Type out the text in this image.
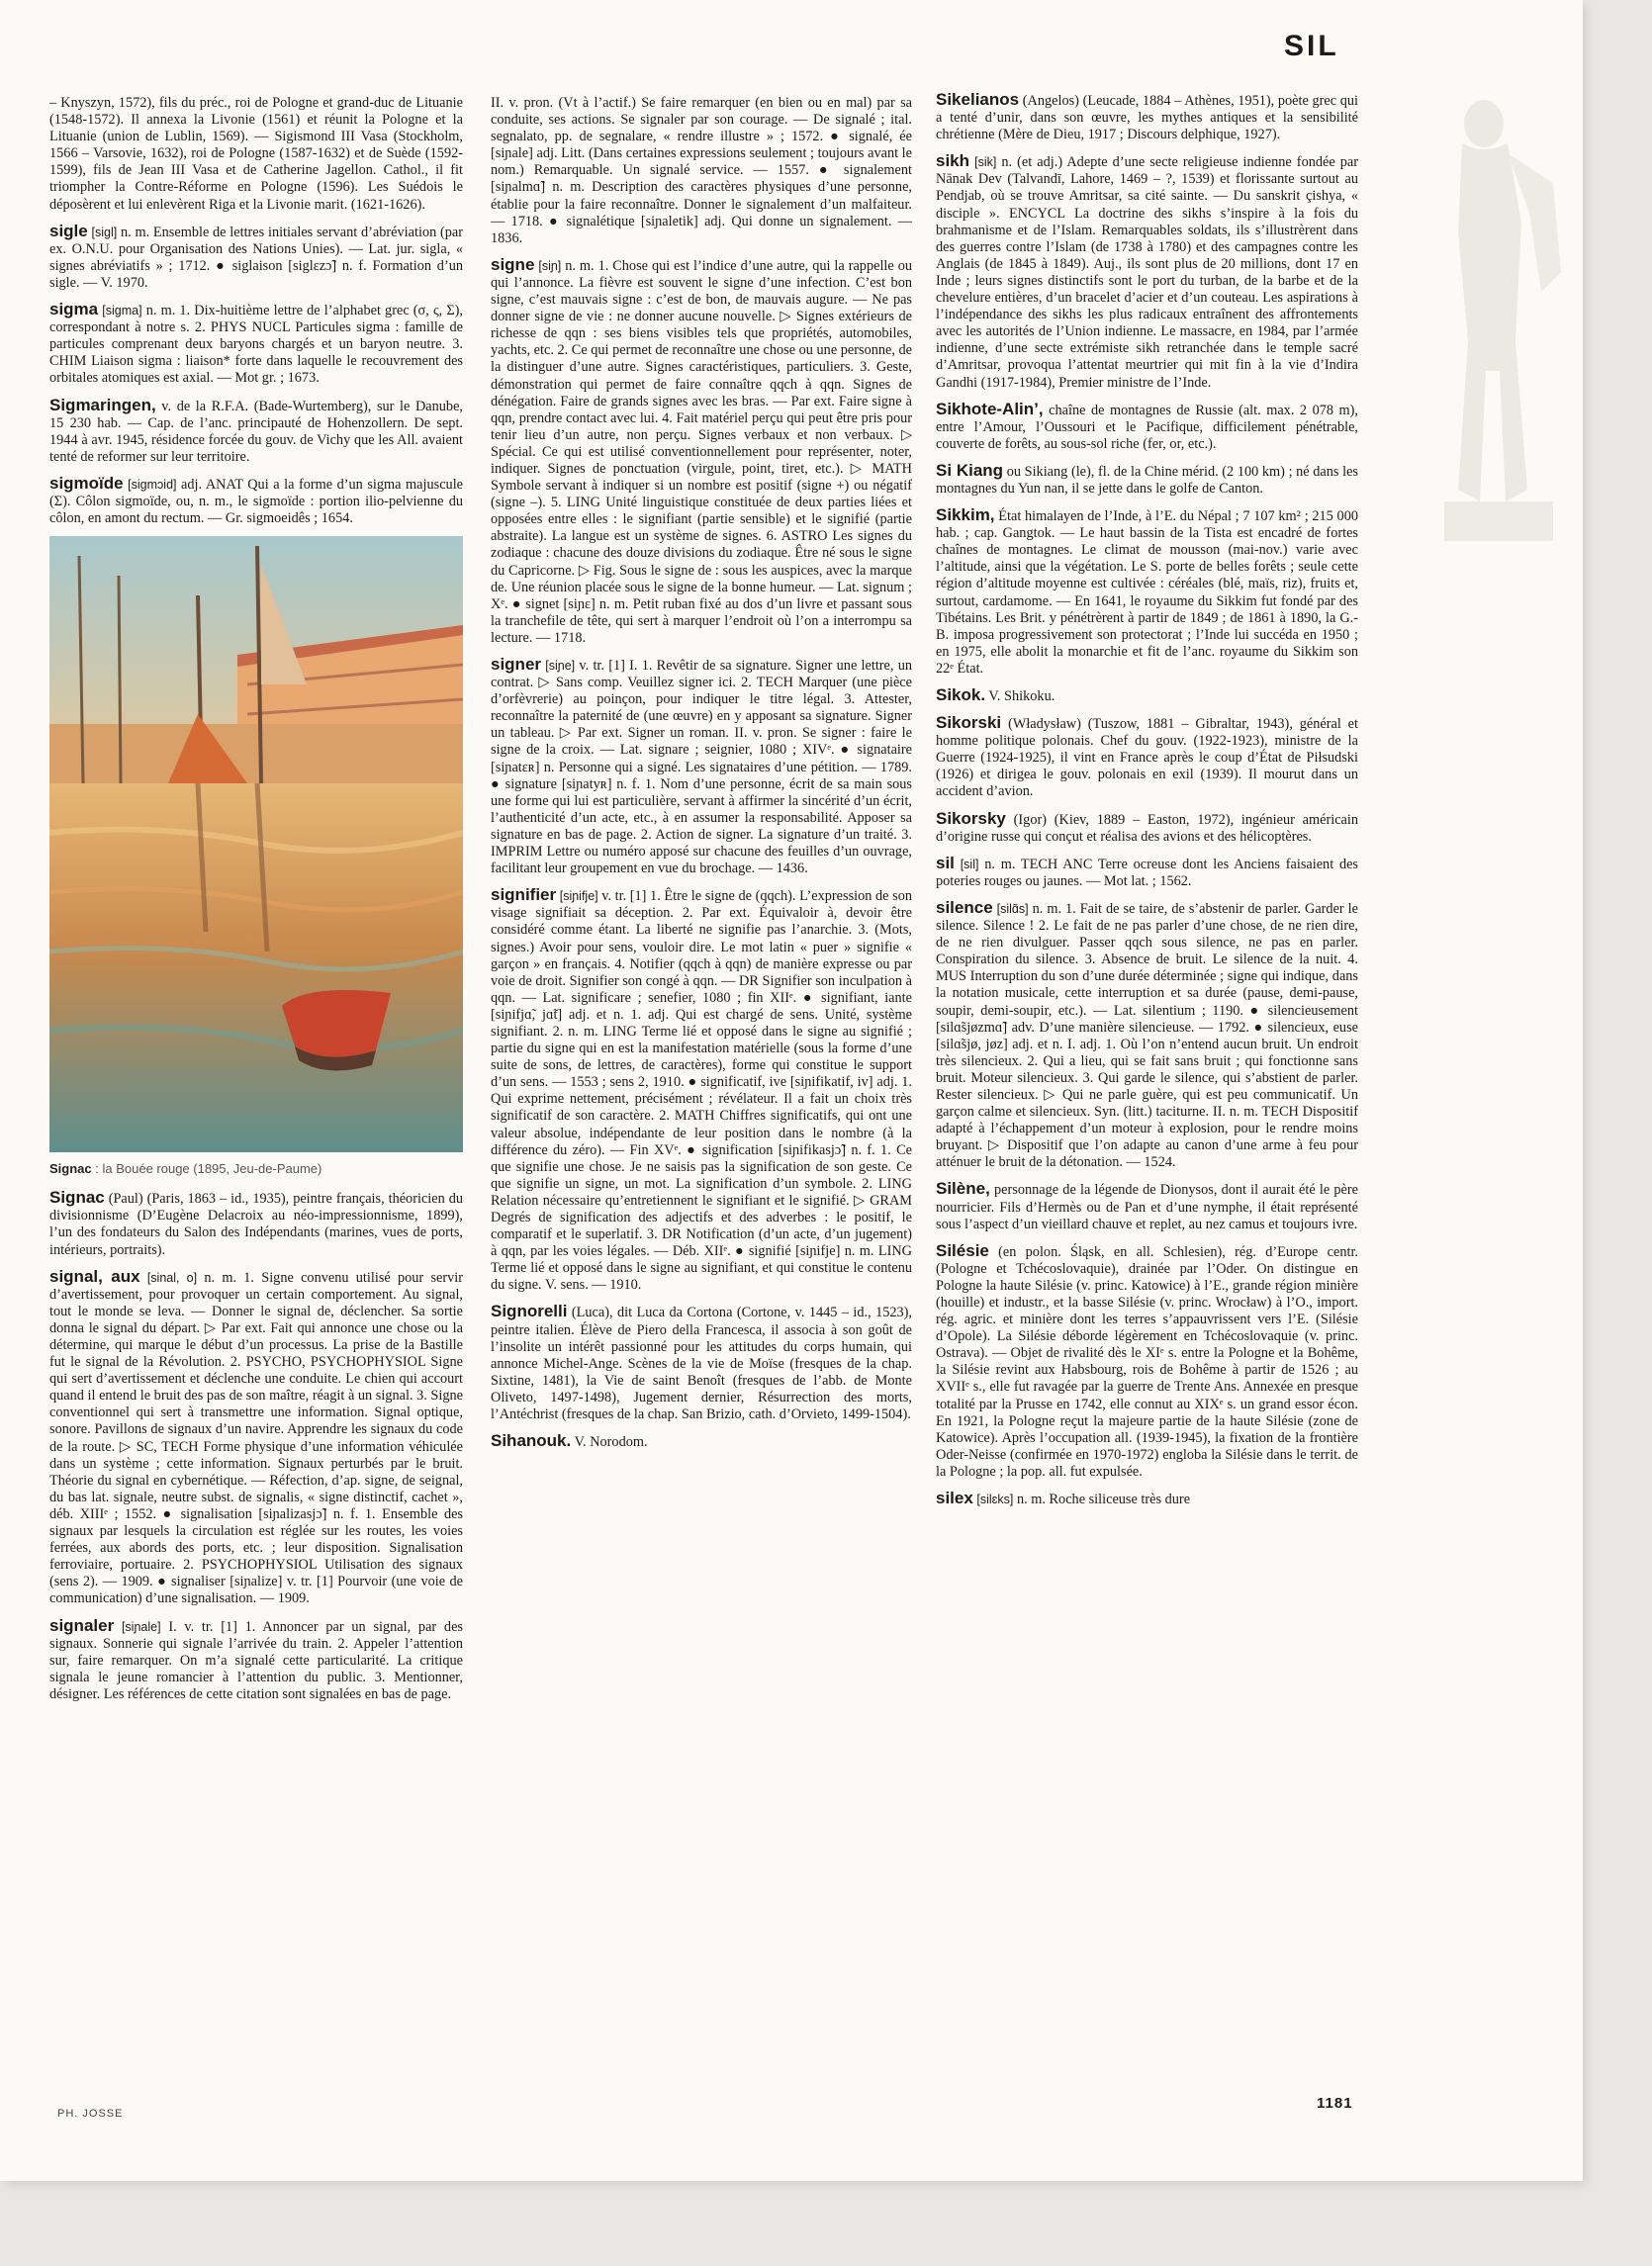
SIL

– Knyszyn, 1572), fils du préc., roi de Pologne et grand-duc de Lituanie (1548-1572). Il annexa la Livonie (1561) et réunit la Pologne et la Lituanie (union de Lublin, 1569). — Sigismond III Vasa (Stockholm, 1566 – Varsovie, 1632), roi de Pologne (1587-1632) et de Suède (1592-1599), fils de Jean III Vasa et de Catherine Jagellon. Cathol., il fit triompher la Contre-Réforme en Pologne (1596). Les Suédois le déposèrent et lui enlevèrent Riga et la Livonie marit. (1621-1626).

sigle [sigl] n. m. Ensemble de lettres initiales servant d’abréviation (par ex. O.N.U. pour Organisation des Nations Unies). — Lat. jur. sigla, « signes abréviatifs » ; 1712. ● siglaison [siglɛzɔ̃] n. f. Formation d’un sigle. — V. 1970.

sigma [sigma] n. m. 1. Dix-huitième lettre de l’alphabet grec (σ, ς, Σ), correspondant à notre s. 2. PHYS NUCL Particules sigma : famille de particules comprenant deux baryons chargés et un baryon neutre. 3. CHIM Liaison sigma : liaison* forte dans laquelle le recouvrement des orbitales atomiques est axial. — Mot gr. ; 1673.

Sigmaringen, v. de la R.F.A. (Bade-Wurtemberg), sur le Danube, 15 230 hab. — Cap. de l’anc. principauté de Hohenzollern. De sept. 1944 à avr. 1945, résidence forcée du gouv. de Vichy que les All. avaient tenté de reformer sur leur territoire.

sigmoïde [sigmɔid] adj. ANAT Qui a la forme d’un sigma majuscule (Σ). Côlon sigmoïde, ou, n. m., le sigmoïde : portion ilio-pelvienne du côlon, en amont du rectum. — Gr. sigmoeidês ; 1654.

Signac : la Bouée rouge (1895, Jeu-de-Paume)

Signac (Paul) (Paris, 1863 – id., 1935), peintre français, théoricien du divisionnisme (D’Eugène Delacroix au néo-impressionnisme, 1899), l’un des fondateurs du Salon des Indépendants (marines, vues de ports, intérieurs, portraits).

signal, aux [sinal, o] n. m. 1. Signe convenu utilisé pour servir d’avertissement, pour provoquer un certain comportement. Au signal, tout le monde se leva. — Donner le signal de, déclencher. Sa sortie donna le signal du départ. ▷ Par ext. Fait qui annonce une chose ou la détermine, qui marque le début d’un processus. La prise de la Bastille fut le signal de la Révolution. 2. PSYCHO, PSYCHOPHYSIOL Signe qui sert d’avertissement et déclenche une conduite. Le chien qui accourt quand il entend le bruit des pas de son maître, réagit à un signal. 3. Signe conventionnel qui sert à transmettre une information. Signal optique, sonore. Pavillons de signaux d’un navire. Apprendre les signaux du code de la route. ▷ SC, TECH Forme physique d’une information véhiculée dans un système ; cette information. Signaux perturbés par le bruit. Théorie du signal en cybernétique. — Réfection, d’ap. signe, de seignal, du bas lat. signale, neutre subst. de signalis, « signe distinctif, cachet », déb. XIIIᵉ ; 1552. ● signalisation [siɲalizasjɔ̃] n. f. 1. Ensemble des signaux par lesquels la circulation est réglée sur les routes, les voies ferrées, aux abords des ports, etc. ; leur disposition. Signalisation ferroviaire, portuaire. 2. PSYCHOPHYSIOL Utilisation des signaux (sens 2). — 1909. ● signaliser [siɲalize] v. tr. [1] Pourvoir (une voie de communication) d’une signalisation. — 1909.

signaler [siɲale] I. v. tr. [1] 1. Annoncer par un signal, par des signaux. Sonnerie qui signale l’arrivée du train. 2. Appeler l’attention sur, faire remarquer. On m’a signalé cette particularité. La critique signala le jeune romancier à l’attention du public. 3. Mentionner, désigner. Les références de cette citation sont signalées en bas de page.

II. v. pron. (Vt à l’actif.) Se faire remarquer (en bien ou en mal) par sa conduite, ses actions. Se signaler par son courage. — De signalé ; ital. segnalato, pp. de segnalare, « rendre illustre » ; 1572. ● signalé, ée [siɲale] adj. Litt. (Dans certaines expressions seulement ; toujours avant le nom.) Remarquable. Un signalé service. — 1557. ● signalement [siɲalmɑ̃] n. m. Description des caractères physiques d’une personne, établie pour la faire reconnaître. Donner le signalement d’un malfaiteur. — 1718. ● signalétique [siɲaletik] adj. Qui donne un signalement. — 1836.

signe [siɲ] n. m. 1. Chose qui est l’indice d’une autre, qui la rappelle ou qui l’annonce. La fièvre est souvent le signe d’une infection. C’est bon signe, c’est mauvais signe : c’est de bon, de mauvais augure. — Ne pas donner signe de vie : ne donner aucune nouvelle. ▷ Signes extérieurs de richesse de qqn : ses biens visibles tels que propriétés, automobiles, yachts, etc. 2. Ce qui permet de reconnaître une chose ou une personne, de la distinguer d’une autre. Signes caractéristiques, particuliers. 3. Geste, démonstration qui permet de faire connaître qqch à qqn. Signes de dénégation. Faire de grands signes avec les bras. — Par ext. Faire signe à qqn, prendre contact avec lui. 4. Fait matériel perçu qui peut être pris pour tenir lieu d’un autre, non perçu. Signes verbaux et non verbaux. ▷ Spécial. Ce qui est utilisé conventionnellement pour représenter, noter, indiquer. Signes de ponctuation (virgule, point, tiret, etc.). ▷ MATH Symbole servant à indiquer si un nombre est positif (signe +) ou négatif (signe –). 5. LING Unité linguistique constituée de deux parties liées et opposées entre elles : le signifiant (partie sensible) et le signifié (partie abstraite). La langue est un système de signes. 6. ASTRO Les signes du zodiaque : chacune des douze divisions du zodiaque. Être né sous le signe du Capricorne. ▷ Fig. Sous le signe de : sous les auspices, avec la marque de. Une réunion placée sous le signe de la bonne humeur. — Lat. signum ; Xᵉ. ● signet [siɲɛ] n. m. Petit ruban fixé au dos d’un livre et passant sous la tranchefile de tête, qui sert à marquer l’endroit où l’on a interrompu sa lecture. — 1718.

signer [siɲe] v. tr. [1] I. 1. Revêtir de sa signature. Signer une lettre, un contrat. ▷ Sans comp. Veuillez signer ici. 2. TECH Marquer (une pièce d’orfèvrerie) au poinçon, pour indiquer le titre légal. 3. Attester, reconnaître la paternité de (une œuvre) en y apposant sa signature. Signer un tableau. ▷ Par ext. Signer un roman. II. v. pron. Se signer : faire le signe de la croix. — Lat. signare ; seignier, 1080 ; XIVᵉ. ● signataire [siɲatɛʀ] n. Personne qui a signé. Les signataires d’une pétition. — 1789. ● signature [siɲatyʀ] n. f. 1. Nom d’une personne, écrit de sa main sous une forme qui lui est particulière, servant à affirmer la sincérité d’un écrit, l’authenticité d’un acte, etc., à en assumer la responsabilité. Apposer sa signature en bas de page. 2. Action de signer. La signature d’un traité. 3. IMPRIM Lettre ou numéro apposé sur chacune des feuilles d’un ouvrage, facilitant leur groupement en vue du brochage. — 1436.

signifier [siɲifje] v. tr. [1] 1. Être le signe de (qqch). L’expression de son visage signifiait sa déception. 2. Par ext. Équivaloir à, devoir être considéré comme étant. La liberté ne signifie pas l’anarchie. 3. (Mots, signes.) Avoir pour sens, vouloir dire. Le mot latin « puer » signifie « garçon » en français. 4. Notifier (qqch à qqn) de manière expresse ou par voie de droit. Signifier son congé à qqn. — DR Signifier son inculpation à qqn. — Lat. significare ; senefier, 1080 ; fin XIIᵉ. ● signifiant, iante [siɲifjɑ̃, jɑ̃t] adj. et n. 1. adj. Qui est chargé de sens. Unité, système signifiant. 2. n. m. LING Terme lié et opposé dans le signe au signifié ; partie du signe qui en est la manifestation matérielle (sous la forme d’une suite de sons, de lettres, de caractères), forme qui constitue le support d’un sens. — 1553 ; sens 2, 1910. ● significatif, ive [siɲifikatif, iv] adj. 1. Qui exprime nettement, précisément ; révélateur. Il a fait un choix très significatif de son caractère. 2. MATH Chiffres significatifs, qui ont une valeur absolue, indépendante de leur position dans le nombre (à la différence du zéro). — Fin XVᵉ. ● signification [siɲifikasjɔ̃] n. f. 1. Ce que signifie une chose. Je ne saisis pas la signification de son geste. Ce que signifie un signe, un mot. La signification d’un symbole. 2. LING Relation nécessaire qu’entretiennent le signifiant et le signifié. ▷ GRAM Degrés de signification des adjectifs et des adverbes : le positif, le comparatif et le superlatif. 3. DR Notification (d’un acte, d’un jugement) à qqn, par les voies légales. — Déb. XIIᵉ. ● signifié [siɲifje] n. m. LING Terme lié et opposé dans le signe au signifiant, et qui constitue le contenu du signe. V. sens. — 1910.

Signorelli (Luca), dit Luca da Cortona (Cortone, v. 1445 – id., 1523), peintre italien. Élève de Piero della Francesca, il associa à son goût de l’insolite un intérêt passionné pour les attitudes du corps humain, qui annonce Michel-Ange. Scènes de la vie de Moïse (fresques de la chap. Sixtine, 1481), la Vie de saint Benoît (fresques de l’abb. de Monte Oliveto, 1497-1498), Jugement dernier, Résurrection des morts, l’Antéchrist (fresques de la chap. San Brizio, cath. d’Orvieto, 1499-1504).

Sihanouk. V. Norodom.

Sikelianos (Angelos) (Leucade, 1884 – Athènes, 1951), poète grec qui a tenté d’unir, dans son œuvre, les mythes antiques et la sensibilité chrétienne (Mère de Dieu, 1917 ; Discours delphique, 1927).

sikh [sik] n. (et adj.) Adepte d’une secte religieuse indienne fondée par Nānak Dev (Talvandī, Lahore, 1469 – ?, 1539) et florissante surtout au Pendjab, où se trouve Amritsar, sa cité sainte. — Du sanskrit çishya, « disciple ». ENCYCL La doctrine des sikhs s’inspire à la fois du brahmanisme et de l’Islam. Remarquables soldats, ils s’illustrèrent dans des guerres contre l’Islam (de 1738 à 1780) et des campagnes contre les Anglais (de 1845 à 1849). Auj., ils sont plus de 20 millions, dont 17 en Inde ; leurs signes distinctifs sont le port du turban, de la barbe et de la chevelure entières, d’un bracelet d’acier et d’un couteau. Les aspirations à l’indépendance des sikhs les plus radicaux entraînent des affrontements avec les autorités de l’Union indienne. Le massacre, en 1984, par l’armée indienne, d’une secte extrémiste sikh retranchée dans le temple sacré d’Amritsar, provoqua l’attentat meurtrier qui mit fin à la vie d’Indira Gandhi (1917-1984), Premier ministre de l’Inde.

Sikhote-Alin’, chaîne de montagnes de Russie (alt. max. 2 078 m), entre l’Amour, l’Oussouri et le Pacifique, difficilement pénétrable, couverte de forêts, au sous-sol riche (fer, or, etc.).

Si Kiang ou Sikiang (le), fl. de la Chine mérid. (2 100 km) ; né dans les montagnes du Yun nan, il se jette dans le golfe de Canton.

Sikkim, État himalayen de l’Inde, à l’E. du Népal ; 7 107 km² ; 215 000 hab. ; cap. Gangtok. — Le haut bassin de la Tista est encadré de fortes chaînes de montagnes. Le climat de mousson (mai-nov.) varie avec l’altitude, ainsi que la végétation. Le S. porte de belles forêts ; seule cette région d’altitude moyenne est cultivée : céréales (blé, maïs, riz), fruits et, surtout, cardamome. — En 1641, le royaume du Sikkim fut fondé par des Tibétains. Les Brit. y pénétrèrent à partir de 1849 ; de 1861 à 1890, la G.-B. imposa progressivement son protectorat ; l’Inde lui succéda en 1950 ; en 1975, elle abolit la monarchie et fit de l’anc. royaume du Sikkim son 22ᵉ État.

Sikok. V. Shikoku.

Sikorski (Władysław) (Tuszow, 1881 – Gibraltar, 1943), général et homme politique polonais. Chef du gouv. (1922-1923), ministre de la Guerre (1924-1925), il vint en France après le coup d’État de Piłsudski (1926) et dirigea le gouv. polonais en exil (1939). Il mourut dans un accident d’avion.

Sikorsky (Igor) (Kiev, 1889 – Easton, 1972), ingénieur américain d’origine russe qui conçut et réalisa des avions et des hélicoptères.

sil [sil] n. m. TECH ANC Terre ocreuse dont les Anciens faisaient des poteries rouges ou jaunes. — Mot lat. ; 1562.

silence [silɑ̃s] n. m. 1. Fait de se taire, de s’abstenir de parler. Garder le silence. Silence ! 2. Le fait de ne pas parler d’une chose, de ne rien dire, de ne rien divulguer. Passer qqch sous silence, ne pas en parler. Conspiration du silence. 3. Absence de bruit. Le silence de la nuit. 4. MUS Interruption du son d’une durée déterminée ; signe qui indique, dans la notation musicale, cette interruption et sa durée (pause, demi-pause, soupir, demi-soupir, etc.). — Lat. silentium ; 1190. ● silencieusement [silɑ̃sjøzmɑ̃] adv. D’une manière silencieuse. — 1792. ● silencieux, euse [silɑ̃sjø, jøz] adj. et n. I. adj. 1. Où l’on n’entend aucun bruit. Un endroit très silencieux. 2. Qui a lieu, qui se fait sans bruit ; qui fonctionne sans bruit. Moteur silencieux. 3. Qui garde le silence, qui s’abstient de parler. Rester silencieux. ▷ Qui ne parle guère, qui est peu communicatif. Un garçon calme et silencieux. Syn. (litt.) taciturne. II. n. m. TECH Dispositif adapté à l’échappement d’un moteur à explosion, pour le rendre moins bruyant. ▷ Dispositif que l’on adapte au canon d’une arme à feu pour atténuer le bruit de la détonation. — 1524.

Silène, personnage de la légende de Dionysos, dont il aurait été le père nourricier. Fils d’Hermès ou de Pan et d’une nymphe, il était représenté sous l’aspect d’un vieillard chauve et replet, au nez camus et toujours ivre.

Silésie (en polon. Śląsk, en all. Schlesien), rég. d’Europe centr. (Pologne et Tchécoslovaquie), drainée par l’Oder. On distingue en Pologne la haute Silésie (v. princ. Katowice) à l’E., grande région minière (houille) et industr., et la basse Silésie (v. princ. Wrocław) à l’O., import. rég. agric. et minière dont les terres s’appauvrissent vers l’E. (Silésie d’Opole). La Silésie déborde légèrement en Tchécoslovaquie (v. princ. Ostrava). — Objet de rivalité dès le XIᵉ s. entre la Pologne et la Bohême, la Silésie revint aux Habsbourg, rois de Bohême à partir de 1526 ; au XVIIᵉ s., elle fut ravagée par la guerre de Trente Ans. Annexée en presque totalité par la Prusse en 1742, elle connut au XIXᵉ s. un grand essor écon. En 1921, la Pologne reçut la majeure partie de la haute Silésie (zone de Katowice). Après l’occupation all. (1939-1945), la fixation de la frontière Oder-Neisse (confirmée en 1970-1972) engloba la Silésie dans le territ. de la Pologne ; la pop. all. fut expulsée.

silex [silɛks] n. m. Roche siliceuse très dure

PH. JOSSE
1181
